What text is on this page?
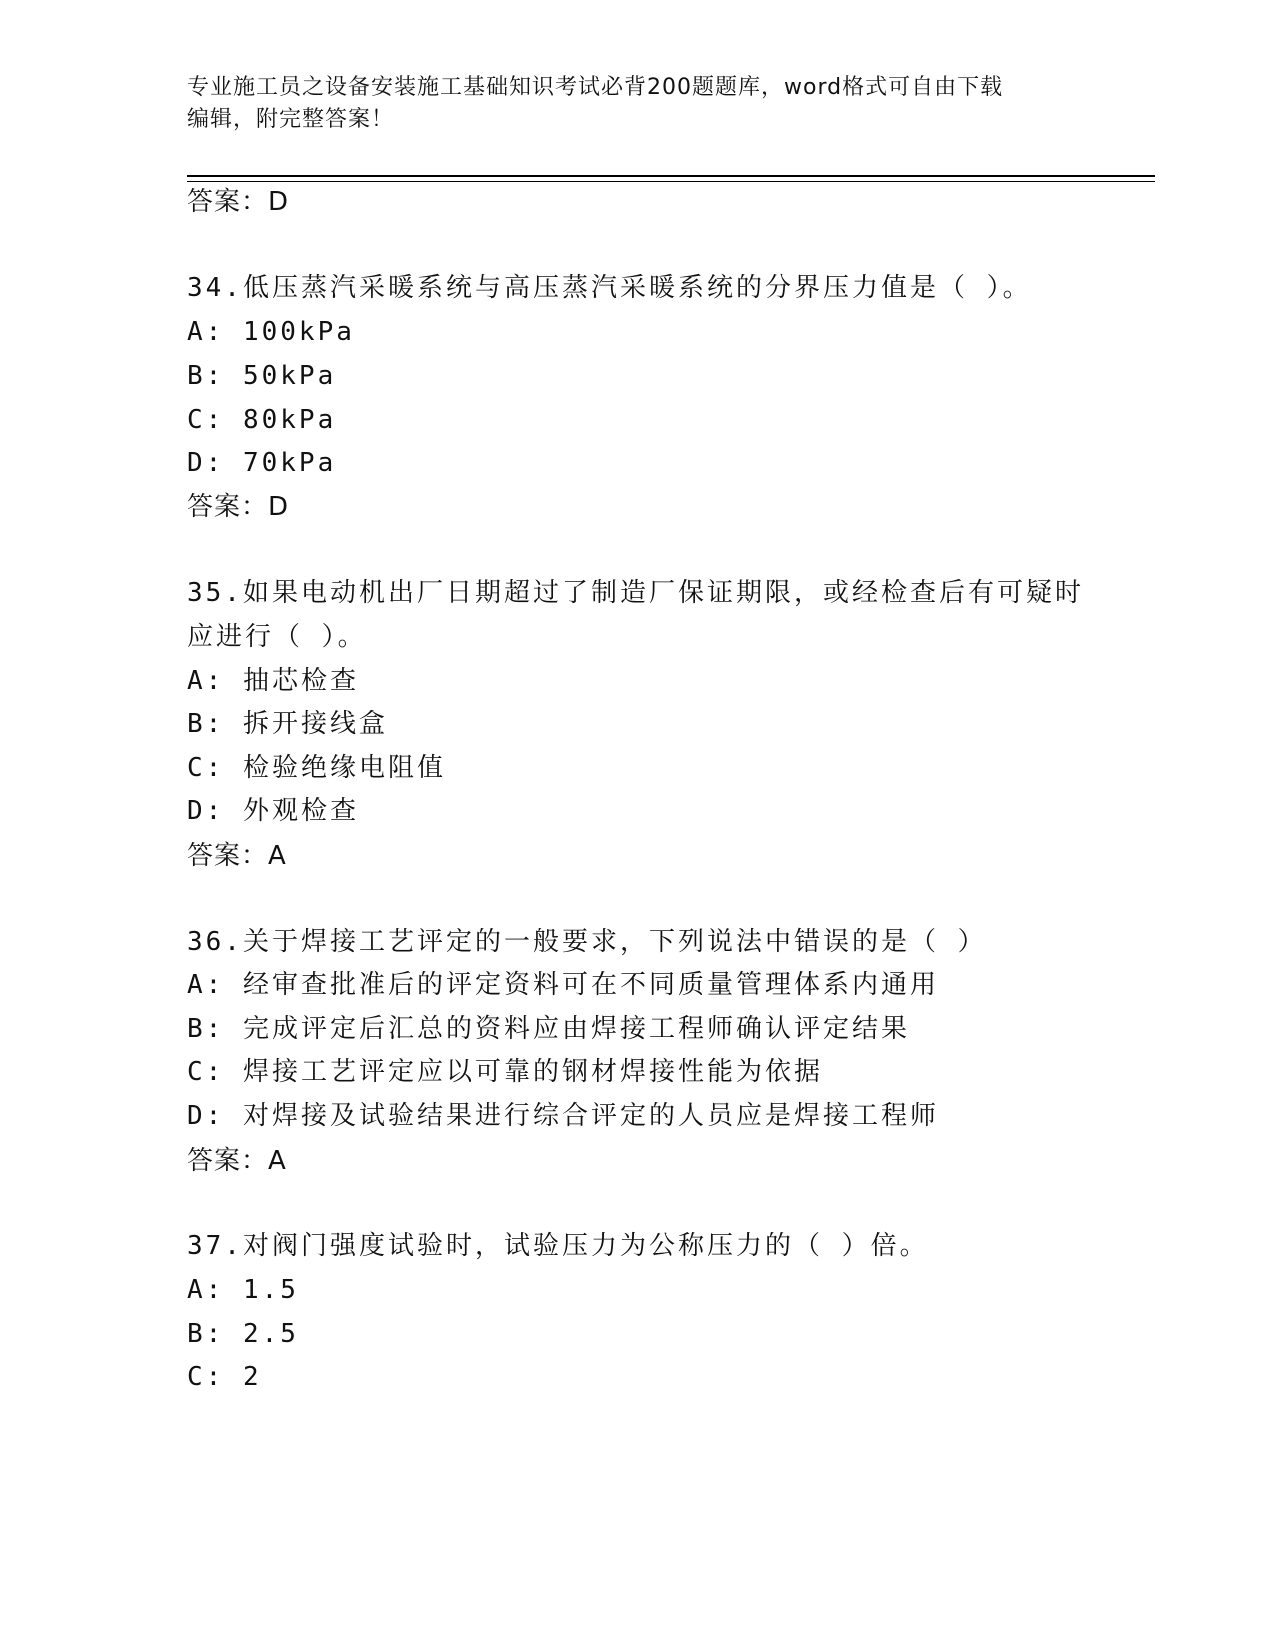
专业施工员之设备安装施工基础知识考试必背200题题库，word格式可自由下载
编辑，附完整答案！
答案：D
34.低压蒸汽采暖系统与高压蒸汽采暖系统的分界压力值是（ ）。
A: 100kPa
B: 50kPa
C: 80kPa
D: 70kPa
答案：D
35.如果电动机出厂日期超过了制造厂保证期限，或经检查后有可疑时
应进行（ ）。
A: 抽芯检查
B: 拆开接线盒
C: 检验绝缘电阻值
D: 外观检查
答案：A
36.关于焊接工艺评定的一般要求，下列说法中错误的是（ ）
A: 经审查批准后的评定资料可在不同质量管理体系内通用
B: 完成评定后汇总的资料应由焊接工程师确认评定结果
C: 焊接工艺评定应以可靠的钢材焊接性能为依据
D: 对焊接及试验结果进行综合评定的人员应是焊接工程师
答案：A
37.对阀门强度试验时，试验压力为公称压力的（ ）倍。
A: 1.5
B: 2.5
C: 2
